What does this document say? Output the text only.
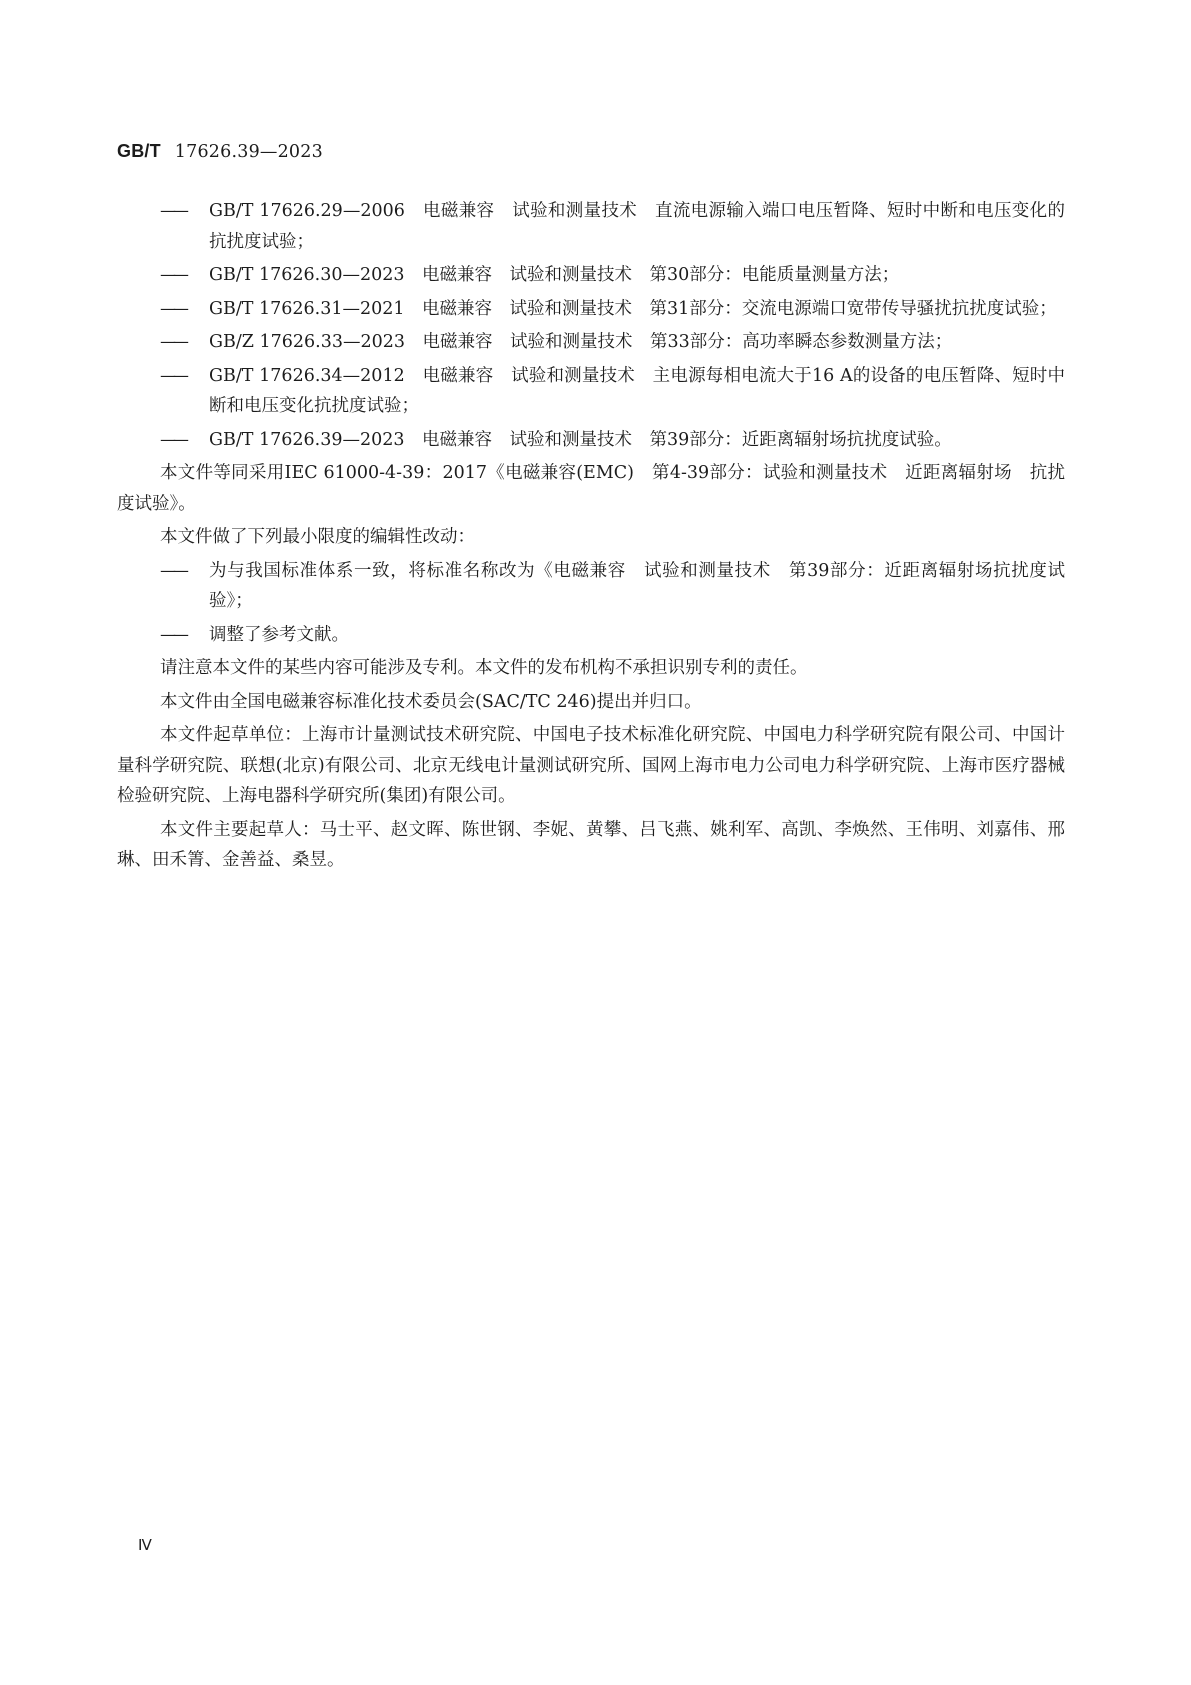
GB/T 17626.39—2023

—— GB/T 17626.29—2006　电磁兼容　试验和测量技术　直流电源输入端口电压暂降、短时中断和电压变化的抗扰度试验；

—— GB/T 17626.30—2023　电磁兼容　试验和测量技术　第30部分：电能质量测量方法；

—— GB/T 17626.31—2021　电磁兼容　试验和测量技术　第31部分：交流电源端口宽带传导骚扰抗扰度试验；

—— GB/Z 17626.33—2023　电磁兼容　试验和测量技术　第33部分：高功率瞬态参数测量方法；

—— GB/T 17626.34—2012　电磁兼容　试验和测量技术　主电源每相电流大于16 A的设备的电压暂降、短时中断和电压变化抗扰度试验；

—— GB/T 17626.39—2023　电磁兼容　试验和测量技术　第39部分：近距离辐射场抗扰度试验。

本文件等同采用IEC 61000-4-39：2017《电磁兼容(EMC)　第4-39部分：试验和测量技术　近距离辐射场　抗扰度试验》。

本文件做了下列最小限度的编辑性改动：

—— 为与我国标准体系一致，将标准名称改为《电磁兼容　试验和测量技术　第39部分：近距离辐射场抗扰度试验》；

—— 调整了参考文献。

请注意本文件的某些内容可能涉及专利。本文件的发布机构不承担识别专利的责任。

本文件由全国电磁兼容标准化技术委员会(SAC/TC 246)提出并归口。

本文件起草单位：上海市计量测试技术研究院、中国电子技术标准化研究院、中国电力科学研究院有限公司、中国计量科学研究院、联想(北京)有限公司、北京无线电计量测试研究所、国网上海市电力公司电力科学研究院、上海市医疗器械检验研究院、上海电器科学研究所(集团)有限公司。

本文件主要起草人：马士平、赵文晖、陈世钢、李妮、黄攀、吕飞燕、姚利军、高凯、李焕然、王伟明、刘嘉伟、邢琳、田禾箐、金善益、桑昱。

Ⅳ
